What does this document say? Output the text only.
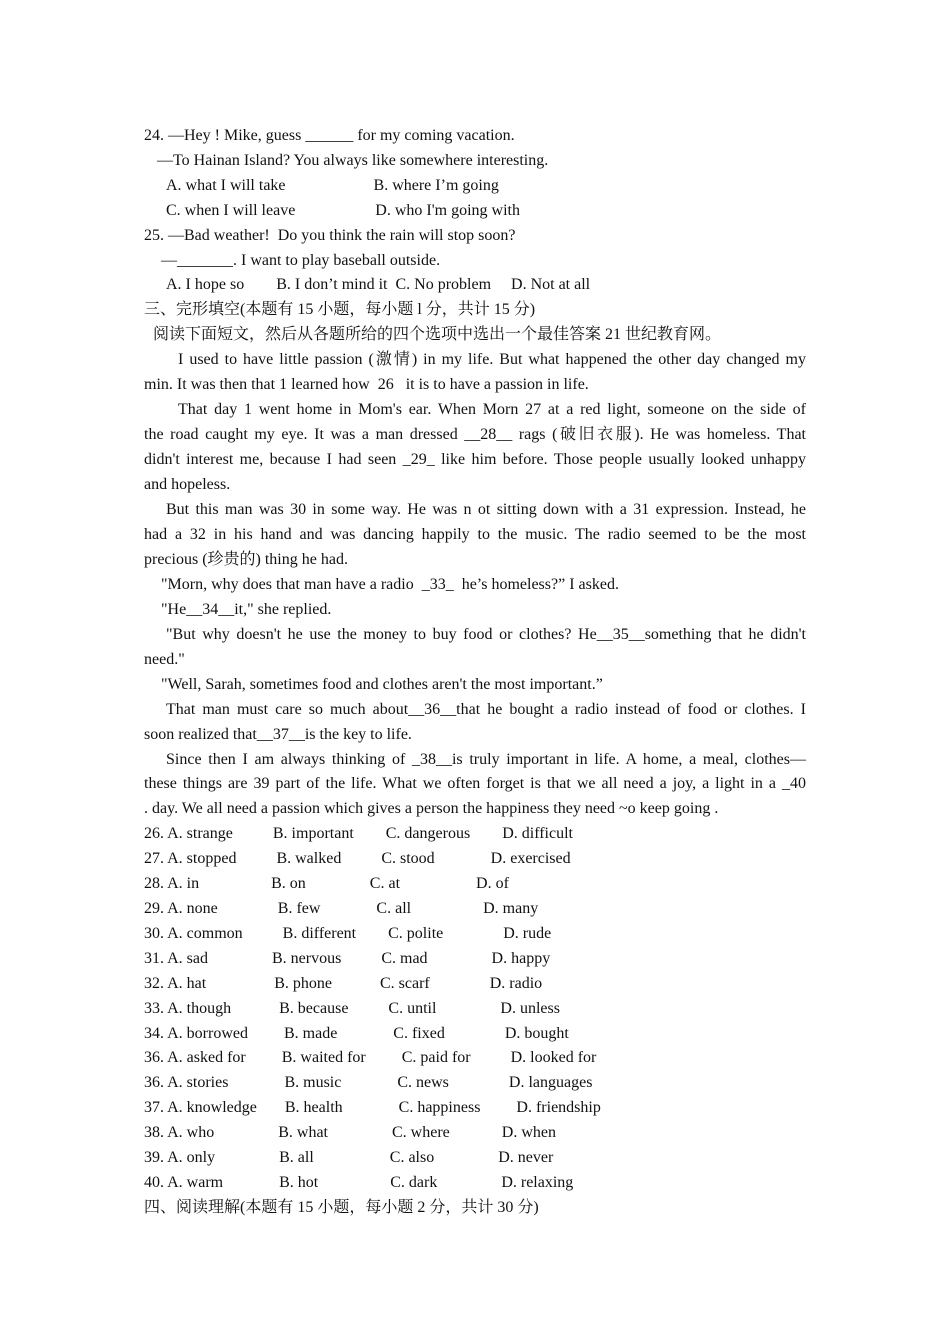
24. —Hey ! Mike, guess ______ for my coming vacation.
—To Hainan Island? You always like somewhere interesting.
A. what I will take                      B. where I’m going
C. when I will leave                    D. who I'm going with
25. —Bad weather!  Do you think the rain will stop soon?
—_______. I want to play baseball outside.
A. I hope so        B. I don’t mind it  C. No problem     D. Not at all
三、完形填空(本题有 15 小题，每小题 l 分，共计 15 分)
阅读下面短文，然后从各题所给的四个选项中选出一个最佳答案 21 世纪教育网。
I used to have little passion (激情) in my life. But what happened the other day changed my
min. It was then that 1 learned how  26   it is to have a passion in life.
That day 1 went home in Mom's ear. When Morn 27 at a red light, someone on the side of
the road caught my eye. It was a man dressed __28__ rags (破旧衣服). He was homeless. That
didn't interest me, because I had seen _29_ like him before. Those people usually looked unhappy
and hopeless.
But this man was 30 in some way. He was n ot sitting down with a 31 expression. Instead, he
had a 32 in his hand and was dancing happily to the music. The radio seemed to be the most
precious (珍贵的) thing he had.
"Morn, why does that man have a radio  _33_  he’s homeless?” I asked.
"He__34__it," she replied.
"But why doesn't he use the money to buy food or clothes? He__35__something that he didn't
need."
"Well, Sarah, sometimes food and clothes aren't the most important.”
That man must care so much about__36__that he bought a radio instead of food or clothes. I
soon realized that__37__is the key to life.
Since then I am always thinking of _38__is truly important in life. A home, a meal, clothes—
these things are 39 part of the life. What we often forget is that we all need a joy, a light in a _40
. day. We all need a passion which gives a person the happiness they need ~o keep going .
26. A. strange          B. important        C. dangerous        D. difficult
27. A. stopped          B. walked          C. stood              D. exercised
28. A. in                  B. on                C. at                   D. of
29. A. none               B. few              C. all                  D. many
30. A. common          B. different        C. polite               D. rude
31. A. sad                B. nervous          C. mad                D. happy
32. A. hat                 B. phone            C. scarf               D. radio
33. A. though            B. because          C. until                D. unless
34. A. borrowed         B. made              C. fixed               D. bought
36. A. asked for         B. waited for         C. paid for          D. looked for
36. A. stories              B. music              C. news               D. languages
37. A. knowledge       B. health              C. happiness         D. friendship
38. A. who                B. what                C. where             D. when
39. A. only                B. all                   C. also                D. never
40. A. warm              B. hot                  C. dark                D. relaxing
四、阅读理解(本题有 15 小题，每小题 2 分，共计 30 分)
